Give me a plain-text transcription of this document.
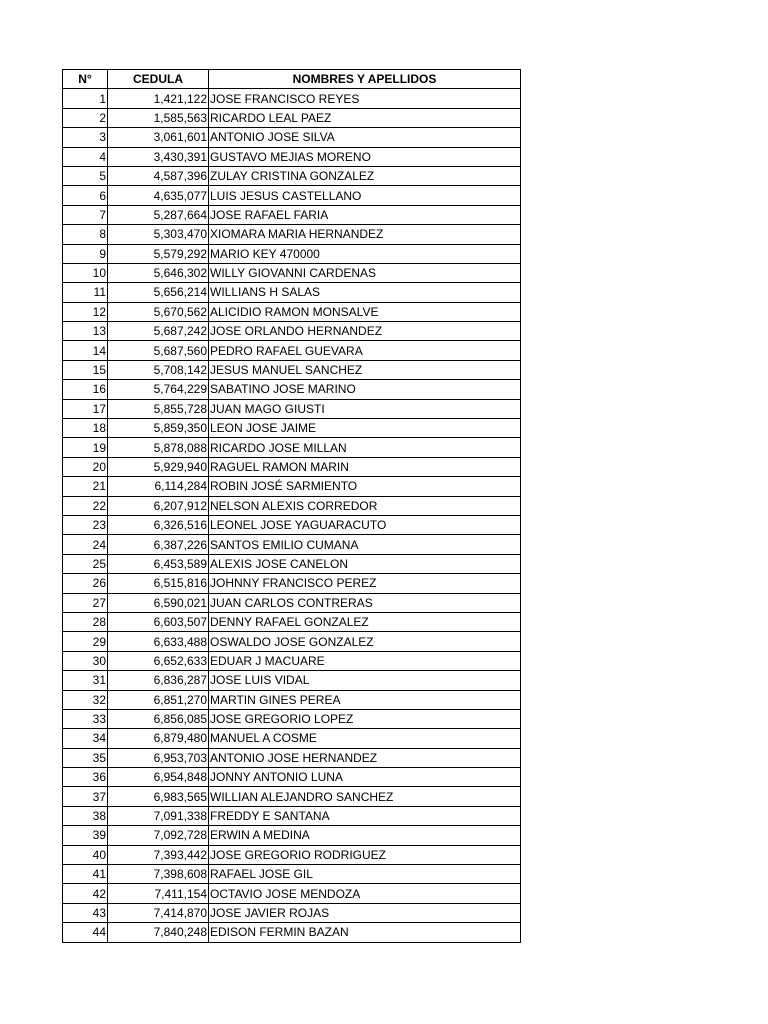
N°	CEDULA	NOMBRES Y APELLIDOS
1	1,421,122	JOSE FRANCISCO REYES
2	1,585,563	RICARDO LEAL PAEZ
3	3,061,601	ANTONIO JOSE SILVA
4	3,430,391	GUSTAVO MEJIAS MORENO
5	4,587,396	ZULAY CRISTINA GONZALEZ
6	4,635,077	LUIS JESUS CASTELLANO
7	5,287,664	JOSE RAFAEL FARIA
8	5,303,470	XIOMARA MARIA HERNANDEZ
9	5,579,292	MARIO KEY 470000
10	5,646,302	WILLY GIOVANNI CARDENAS
11	5,656,214	WILLIANS H SALAS
12	5,670,562	ALICIDIO RAMON MONSALVE
13	5,687,242	JOSE ORLANDO HERNANDEZ
14	5,687,560	PEDRO RAFAEL GUEVARA
15	5,708,142	JESUS MANUEL SANCHEZ
16	5,764,229	SABATINO JOSE MARINO
17	5,855,728	JUAN MAGO GIUSTI
18	5,859,350	LEON JOSE JAIME
19	5,878,088	RICARDO JOSE MILLAN
20	5,929,940	RAGUEL RAMON MARIN
21	6,114,284	ROBIN JOSÉ SARMIENTO
22	6,207,912	NELSON ALEXIS CORREDOR
23	6,326,516	LEONEL JOSE YAGUARACUTO
24	6,387,226	SANTOS EMILIO CUMANA
25	6,453,589	ALEXIS JOSE CANELON
26	6,515,816	JOHNNY FRANCISCO PEREZ
27	6,590,021	JUAN CARLOS CONTRERAS
28	6,603,507	DENNY RAFAEL GONZALEZ
29	6,633,488	OSWALDO JOSE GONZALEZ
30	6,652,633	EDUAR J MACUARE
31	6,836,287	JOSE LUIS VIDAL
32	6,851,270	MARTIN GINES PEREA
33	6,856,085	JOSE GREGORIO LOPEZ
34	6,879,480	MANUEL A COSME
35	6,953,703	ANTONIO JOSE HERNANDEZ
36	6,954,848	JONNY ANTONIO LUNA
37	6,983,565	WILLIAN ALEJANDRO SANCHEZ
38	7,091,338	FREDDY E SANTANA
39	7,092,728	ERWIN A MEDINA
40	7,393,442	JOSE GREGORIO RODRIGUEZ
41	7,398,608	RAFAEL JOSE GIL
42	7,411,154	OCTAVIO JOSE MENDOZA
43	7,414,870	JOSE JAVIER ROJAS
44	7,840,248	EDISON FERMIN BAZAN
